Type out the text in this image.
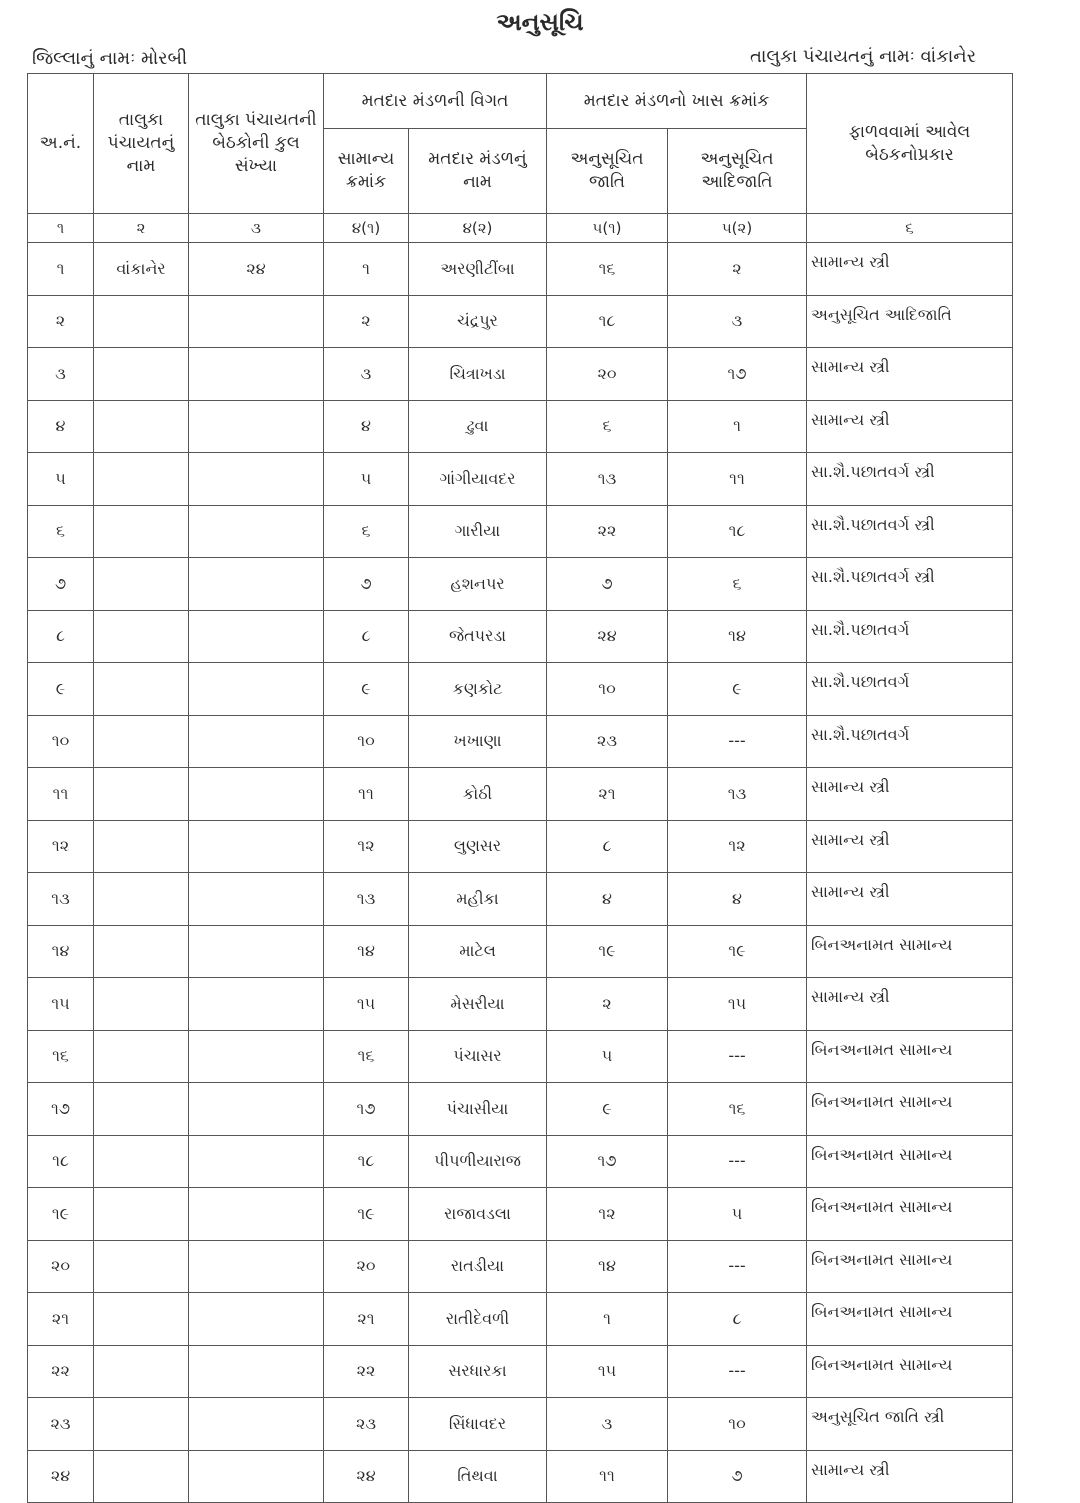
અનુસૂચિ
જિલ્લાનું નામઃ મોરબી	તાલુકા પંચાયતનું નામઃ વાંકાનેર
અ.નં.	તાલુકા પંચાયતનું નામ	તાલુકા પંચાયતની બેઠકોની કુલ સંખ્યા	મતદાર મંડળની વિગત		મતદાર મંડળનો ખાસ ક્રમાંક		ફાળવવામાં આવેલ બેઠકનોપ્રકાર
			સામાન્ય ક્રમાંક	મતદાર મંડળનું નામ	અનુસૂચિત જાતિ	અનુસૂચિત આદિજાતિ	
૧	૨	૩	૪(૧)	૪(૨)	૫(૧)	૫(૨)	૬
૧	વાંકાનેર	૨૪	૧	અરણીટીંબા	૧૬	૨	સામાન્ય સ્ત્રી
૨			૨	ચંદ્રપુર	૧૮	૩	અનુસૂચિત આદિજાતિ
૩			૩	ચિત્રાખડા	૨૦	૧૭	સામાન્ય સ્ત્રી
૪			૪	ઢુવા	૬	૧	સામાન્ય સ્ત્રી
૫			૫	ગાંગીયાવદર	૧૩	૧૧	સા.શૈ.પછાતવર્ગ સ્ત્રી
૬			૬	ગારીયા	૨૨	૧૮	સા.શૈ.પછાતવર્ગ સ્ત્રી
૭			૭	હશનપર	૭	૬	સા.શૈ.પછાતવર્ગ સ્ત્રી
૮			૮	જેતપરડા	૨૪	૧૪	સા.શૈ.પછાતવર્ગ
૯			૯	કણકોટ	૧૦	૯	સા.શૈ.પછાતવર્ગ
૧૦			૧૦	ખખાણા	૨૩	---	સા.શૈ.પછાતવર્ગ
૧૧			૧૧	કોઠી	૨૧	૧૩	સામાન્ય સ્ત્રી
૧૨			૧૨	લુણસર	૮	૧૨	સામાન્ય સ્ત્રી
૧૩			૧૩	મહીકા	૪	૪	સામાન્ય સ્ત્રી
૧૪			૧૪	માટેલ	૧૯	૧૯	બિનઅનામત સામાન્ય
૧૫			૧૫	મેસરીયા	૨	૧૫	સામાન્ય સ્ત્રી
૧૬			૧૬	પંચાસર	૫	---	બિનઅનામત સામાન્ય
૧૭			૧૭	પંચાસીયા	૯	૧૬	બિનઅનામત સામાન્ય
૧૮			૧૮	પીપળીયારાજ	૧૭	---	બિનઅનામત સામાન્ય
૧૯			૧૯	રાજાવડલા	૧૨	૫	બિનઅનામત સામાન્ય
૨૦			૨૦	રાતડીયા	૧૪	---	બિનઅનામત સામાન્ય
૨૧			૨૧	રાતીદેવળી	૧	૮	બિનઅનામત સામાન્ય
૨૨			૨૨	સરધારકા	૧૫	---	બિનઅનામત સામાન્ય
૨૩			૨૩	સિંધાવદર	૩	૧૦	અનુસૂચિત જાતિ સ્ત્રી
૨૪			૨૪	તિથવા	૧૧	૭	સામાન્ય સ્ત્રી
